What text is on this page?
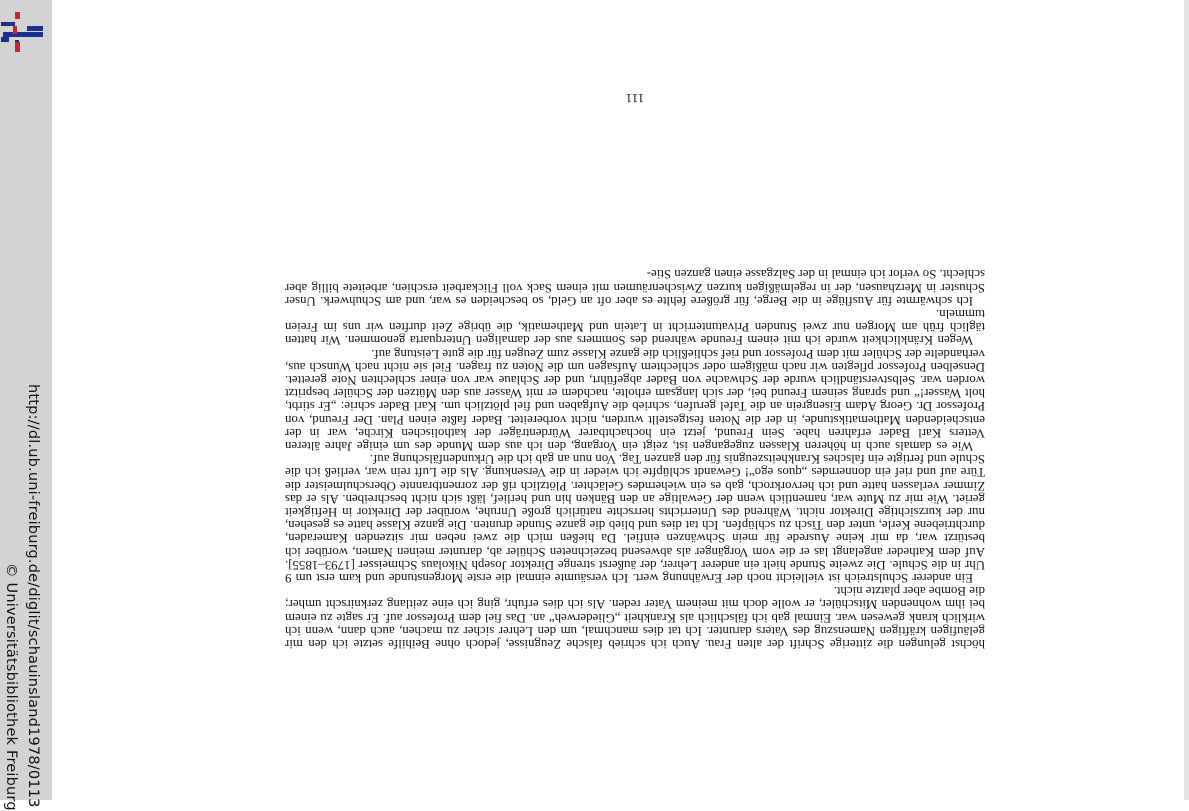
http://dl.ub.uni-freiburg.de/diglit/schauinsland1978/0113
© Universitätsbibliothek Freiburg	höchst gelungen die zitterige Schrift der alten Frau. Auch ich schrieb falsche Zeugnisse, jedoch ohne Beihilfe setzte ich den mir geläufigen kräftigen Namenszug des Vaters darunter. Ich tat dies manchmal, um den Lehrer sicher zu machen, auch dann, wenn ich wirklich krank gewesen war. Einmal gab ich fälschlich als Krankheit „Gliederweh“ an. Das fiel dem Professor auf. Er sagte zu einem bei ihm wohnenden Mitschüler, er wolle doch mit meinem Vater reden. Als ich dies erfuhr, ging ich eine zeitlang zerknirscht umher; die Bombe aber platzte nicht.

Ein anderer Schulstreich ist vielleicht noch der Erwähnung wert. Ich versäumte einmal die erste Morgenstunde und kam erst um 9 Uhr in die Schule. Die zweite Stunde hielt ein anderer Lehrer, der äußerst strenge Direktor Joseph Nikolaus Schmeisser [1793–1855]. Auf dem Katheder angelangt las er die vom Vorgänger als abwesend bezeichneten Schüler ab, darunter meinen Namen, worüber ich bestürzt war, da mir keine Ausrede für mein Schwänzen einfiel. Da hießen mich die zwei neben mir sitzenden Kameraden, durchtriebene Kerle, unter den Tisch zu schlüpfen. Ich tat dies und blieb die ganze Stunde drunten. Die ganze Klasse hatte es gesehen, nur der kurzsichtige Direktor nicht. Während des Unterrichts herrschte natürlich große Unruhe, worüber der Direktor in Heftigkeit geriet. Wie mir zu Mute war, namentlich wenn der Gewaltige an den Bänken hin und herlief, läßt sich nicht beschreiben. Als er das Zimmer verlassen hatte und ich hervorkroch, gab es ein wieherndes Gelächter. Plötzlich riß der zornentbrannte Oberschulmeister die Türe auf und rief ein donnerndes „quos ego“! Gewandt schlüpfte ich wieder in die Versenkung. Als die Luft rein war, verließ ich die Schule und fertigte ein falsches Krankheitszeugnis für den ganzen Tag. Von nun an gab ich die Urkundenfälschung auf.

Wie es damals auch in höheren Klassen zugegangen ist, zeigt ein Vorgang, den ich aus dem Munde des um einige Jahre älteren Vetters Karl Bader erfahren habe. Sein Freund, jetzt ein hochachtbarer Würdenträger der katholischen Kirche, war in der entscheidenden Mathematikstunde, in der die Noten festgestellt wurden, nicht vorbereitet. Bader faßte einen Plan. Der Freund, von Professor Dr. Georg Adam Eisengrein an die Tafel gerufen, schrieb die Aufgaben und fiel plötzlich um. Karl Bader schrie: „Er stirbt, holt Wasser!“ und sprang seinem Freund bei, der sich langsam erholte, nachdem er mit Wasser aus den Mützen der Schüler bespritzt worden war. Selbstverständlich wurde der Schwache von Bader abgeführt, und der Schlaue war von einer schlechten Note gerettet. Denselben Professor pflegten wir nach mäßigem oder schlechtem Aufsagen um die Noten zu fragen. Fiel sie nicht nach Wunsch aus, verhandelte der Schüler mit dem Professor und rief schließlich die ganze Klasse zum Zeugen für die gute Leistung auf.

Wegen Kränklichkeit wurde ich mit einem Freunde während des Sommers aus der damaligen Unterquarta genommen. Wir hatten täglich früh am Morgen nur zwei Stunden Privatunterricht in Latein und Mathematik, die übrige Zeit durften wir uns im Freien tummeln.

Ich schwärmte für Ausflüge in die Berge, für größere fehlte es aber oft an Geld, so bescheiden es war, und am Schuhwerk. Unser Schuster in Merzhausen, der in regelmäßigen kurzen Zwischenräumen mit einem Sack voll Flickarbeit erschien, arbeitete billig aber schlecht. So verlor ich einmal in der Salzgasse einen ganzen Stie-

111
